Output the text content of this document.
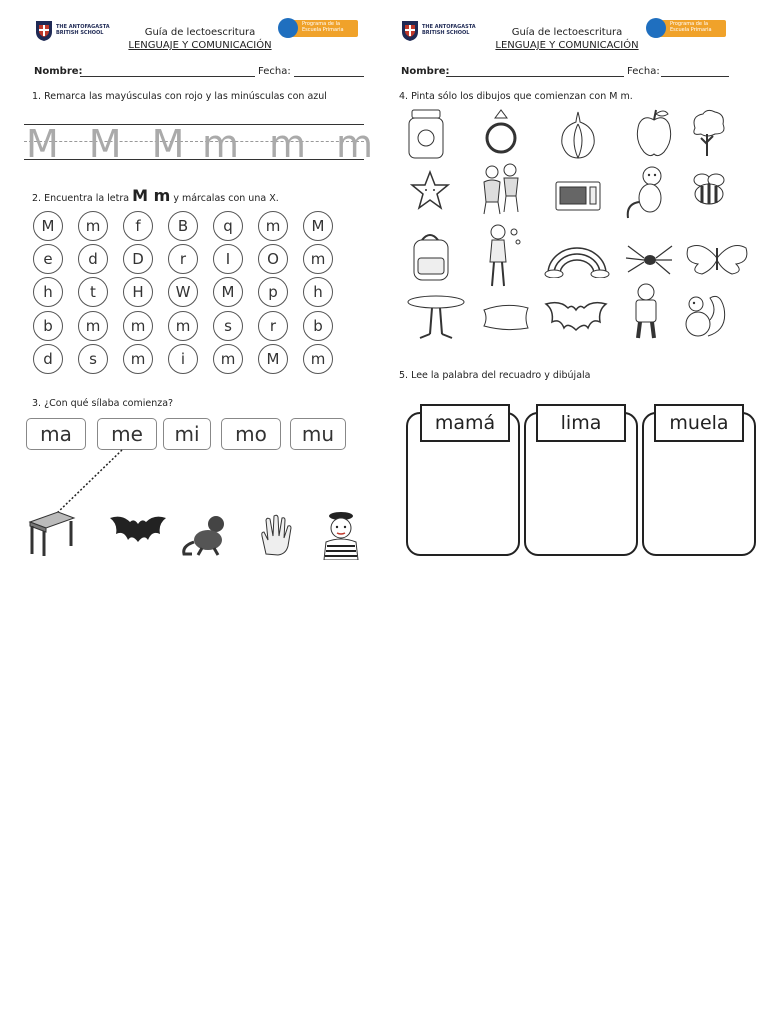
THE ANTOFAGASTA
BRITISH SCHOOL	Guía de lectoescritura
LENGUAJE Y COMUNICACIÓN
Programa de la
Escuela Primaria
Nombre:	Fecha:
1. Remarca las mayúsculas con rojo y las minúsculas con azul
MMM
mmm
2. Encuentra la letra M m y márcalas con una X.
M	m	f	B	q	m	M
e	d	D	r	I	O	m
h	t	H	W	M	p	h
b	m	m	m	s	r	b
d	s	m	i	m	M	m
3. ¿Con qué sílaba comienza?
ma	me	mi	mo	mu
THE ANTOFAGASTA
BRITISH SCHOOL	Guía de lectoescritura
LENGUAJE Y COMUNICACIÓN
Programa de la
Escuela Primaria
Nombre:	Fecha:
4. Pinta sólo los dibujos que comienzan con M m.
5. Lee la palabra del recuadro y dibújala
mamá	lima	muela
